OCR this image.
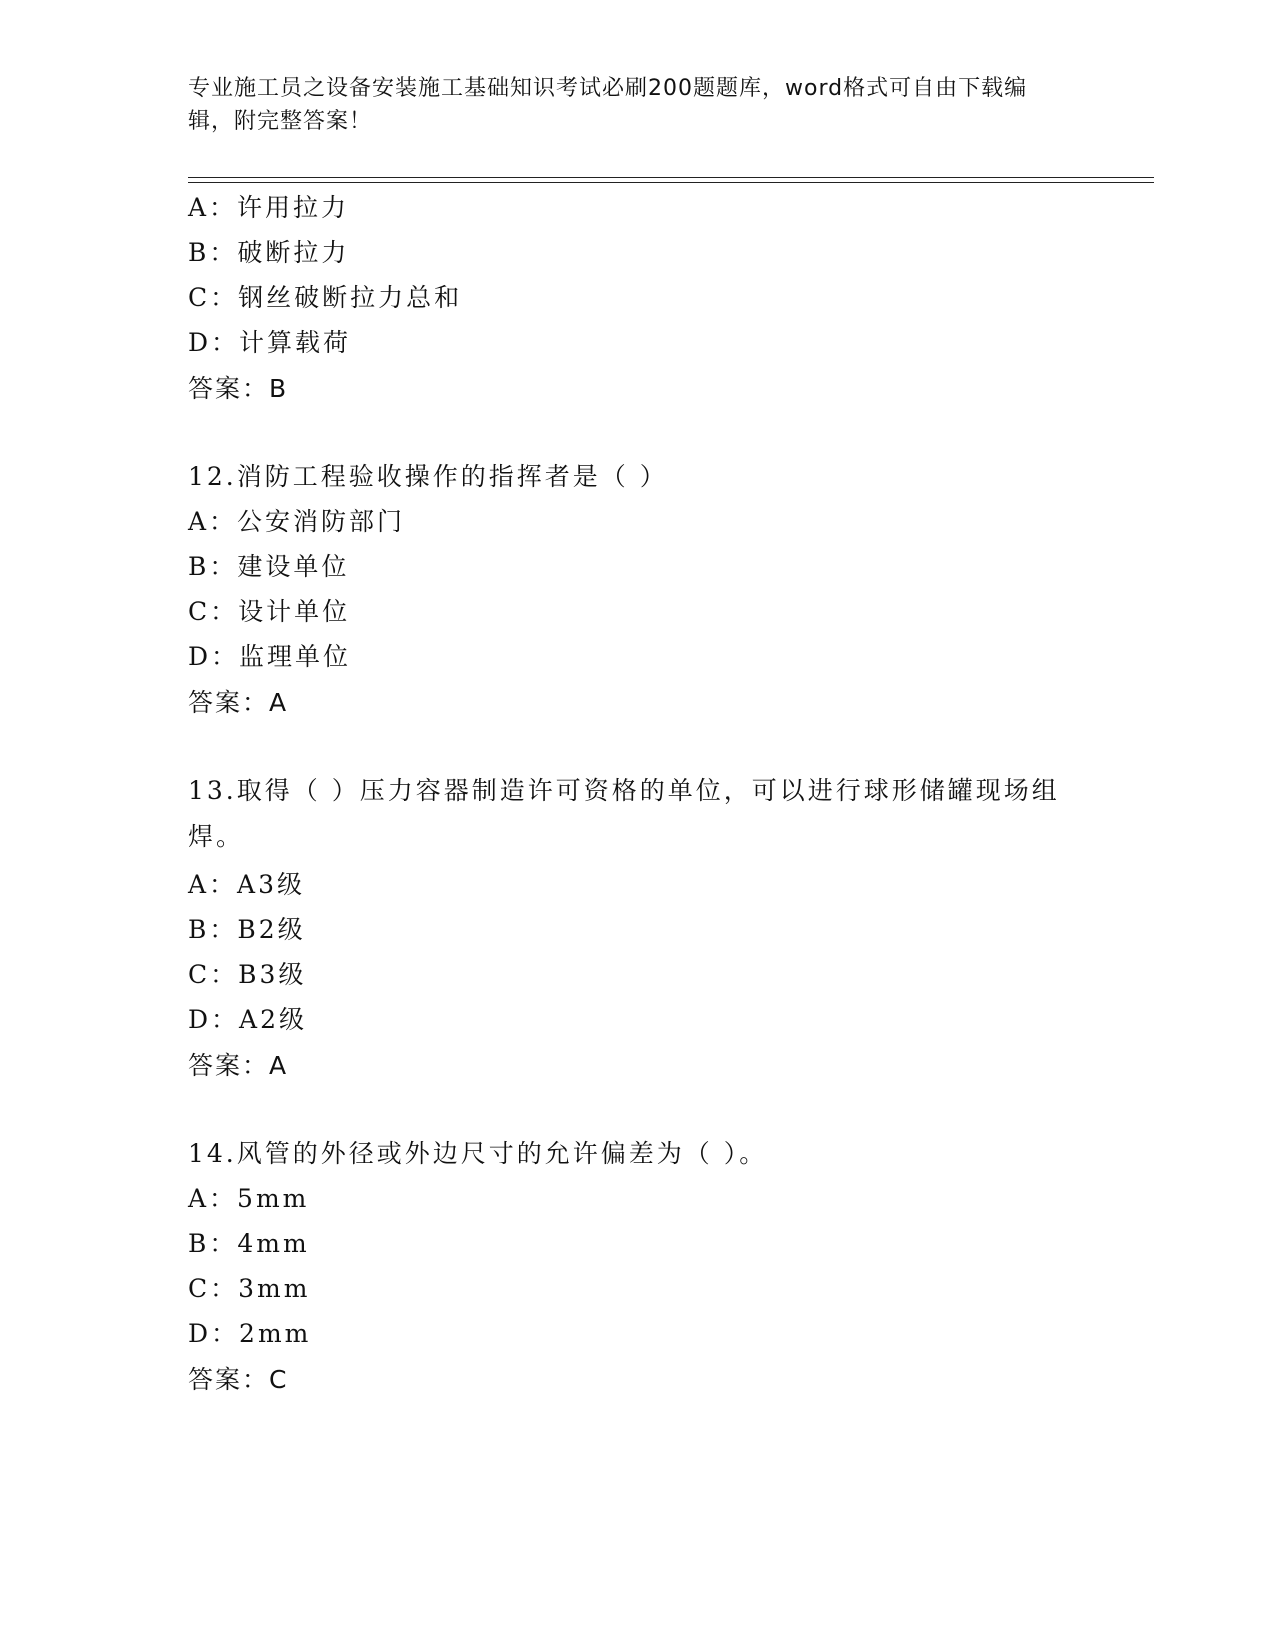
专业施工员之设备安装施工基础知识考试必刷200题题库，word格式可自由下载编辑，附完整答案！
A：许用拉力
B：破断拉力
C：钢丝破断拉力总和
D：计算载荷
答案：B
12.消防工程验收操作的指挥者是（ ）
A：公安消防部门
B：建设单位
C：设计单位
D：监理单位
答案：A
13.取得（ ）压力容器制造许可资格的单位，可以进行球形储罐现场组焊。
A：A3级
B：B2级
C：B3级
D：A2级
答案：A
14.风管的外径或外边尺寸的允许偏差为（ ）。
A：5mm
B：4mm
C：3mm
D：2mm
答案：C
